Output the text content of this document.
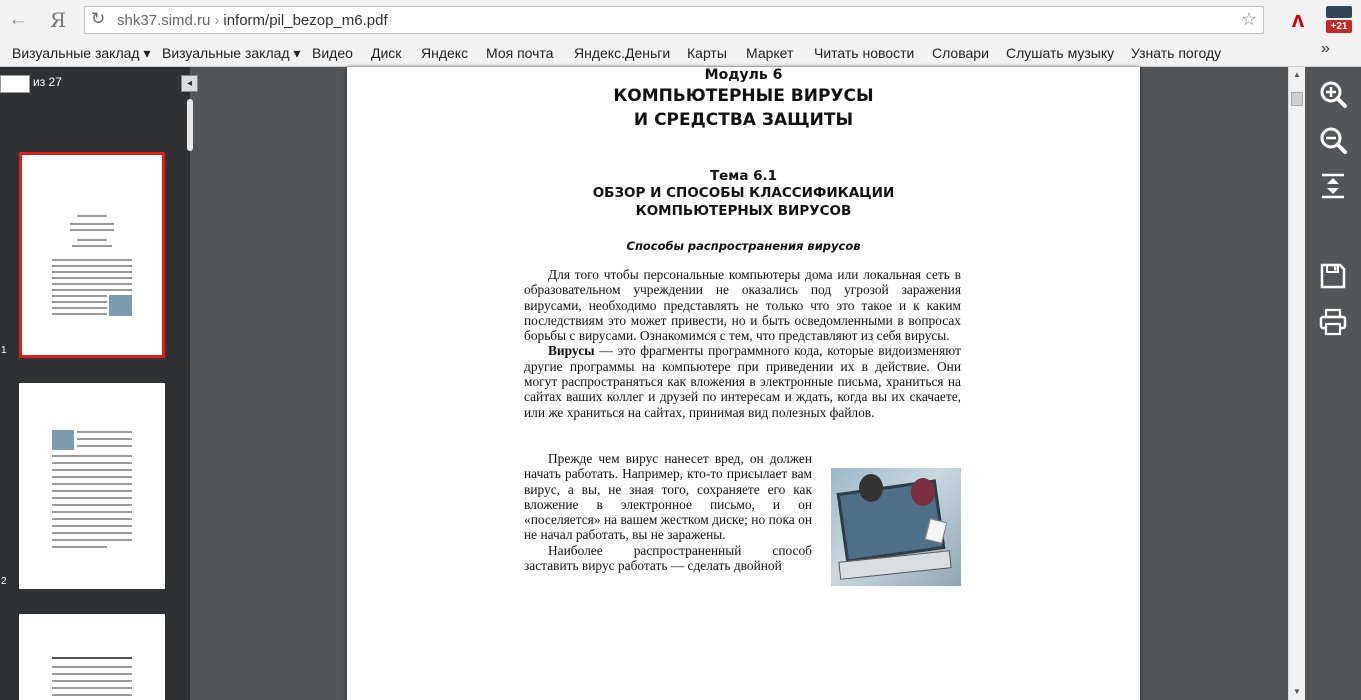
← Я ↻ shk37.simd.ru › inform/pil_bezop_m6.pdf	☆	ᴧ	+21
Визуальные заклад ▾ Визуальные заклад ▾ Видео Диск Яндекс Моя почта Яндекс.Деньги Карты Маркет Читать новости Словари Слушать музыку Узнать погоду	»
из 27	◂
1
2
Модуль 6
КОМПЬЮТЕРНЫЕ ВИРУСЫ
И СРЕДСТВА ЗАЩИТЫ
Тема 6.1
ОБЗОР И СПОСОБЫ КЛАССИФИКАЦИИ
КОМПЬЮТЕРНЫХ ВИРУСОВ
Способы распространения вирусов

Для того чтобы персональные компьютеры дома или локальная сеть в образовательном учреждении не оказались под угрозой заражения вирусами, необходимо представлять не только что это такое и к каким последствиям это может привести, но и быть осведомленными в вопросах борьбы с вирусами. Ознакомимся с тем, что представляют из себя вирусы.

Вирусы — это фрагменты программного кода, которые видоизменяют другие программы на компьютере при приведении их в действие. Они могут распространяться как вложения в электронные письма, храниться на сайтах ваших коллег и друзей по интересам и ждать, когда вы их скачаете, или же храниться на сайтах, принимая вид полезных файлов.

Прежде чем вирус нанесет вред, он должен начать работать. Например, кто-то присылает вам вирус, а вы, не зная того, сохраняете его как вложение в электронное письмо, и он «поселяется» на вашем жестком диске; но пока он не начал работать, вы не заражены.

Наиболее распространенный способ заставить вирус работать — сделать двойной

▲
▼
